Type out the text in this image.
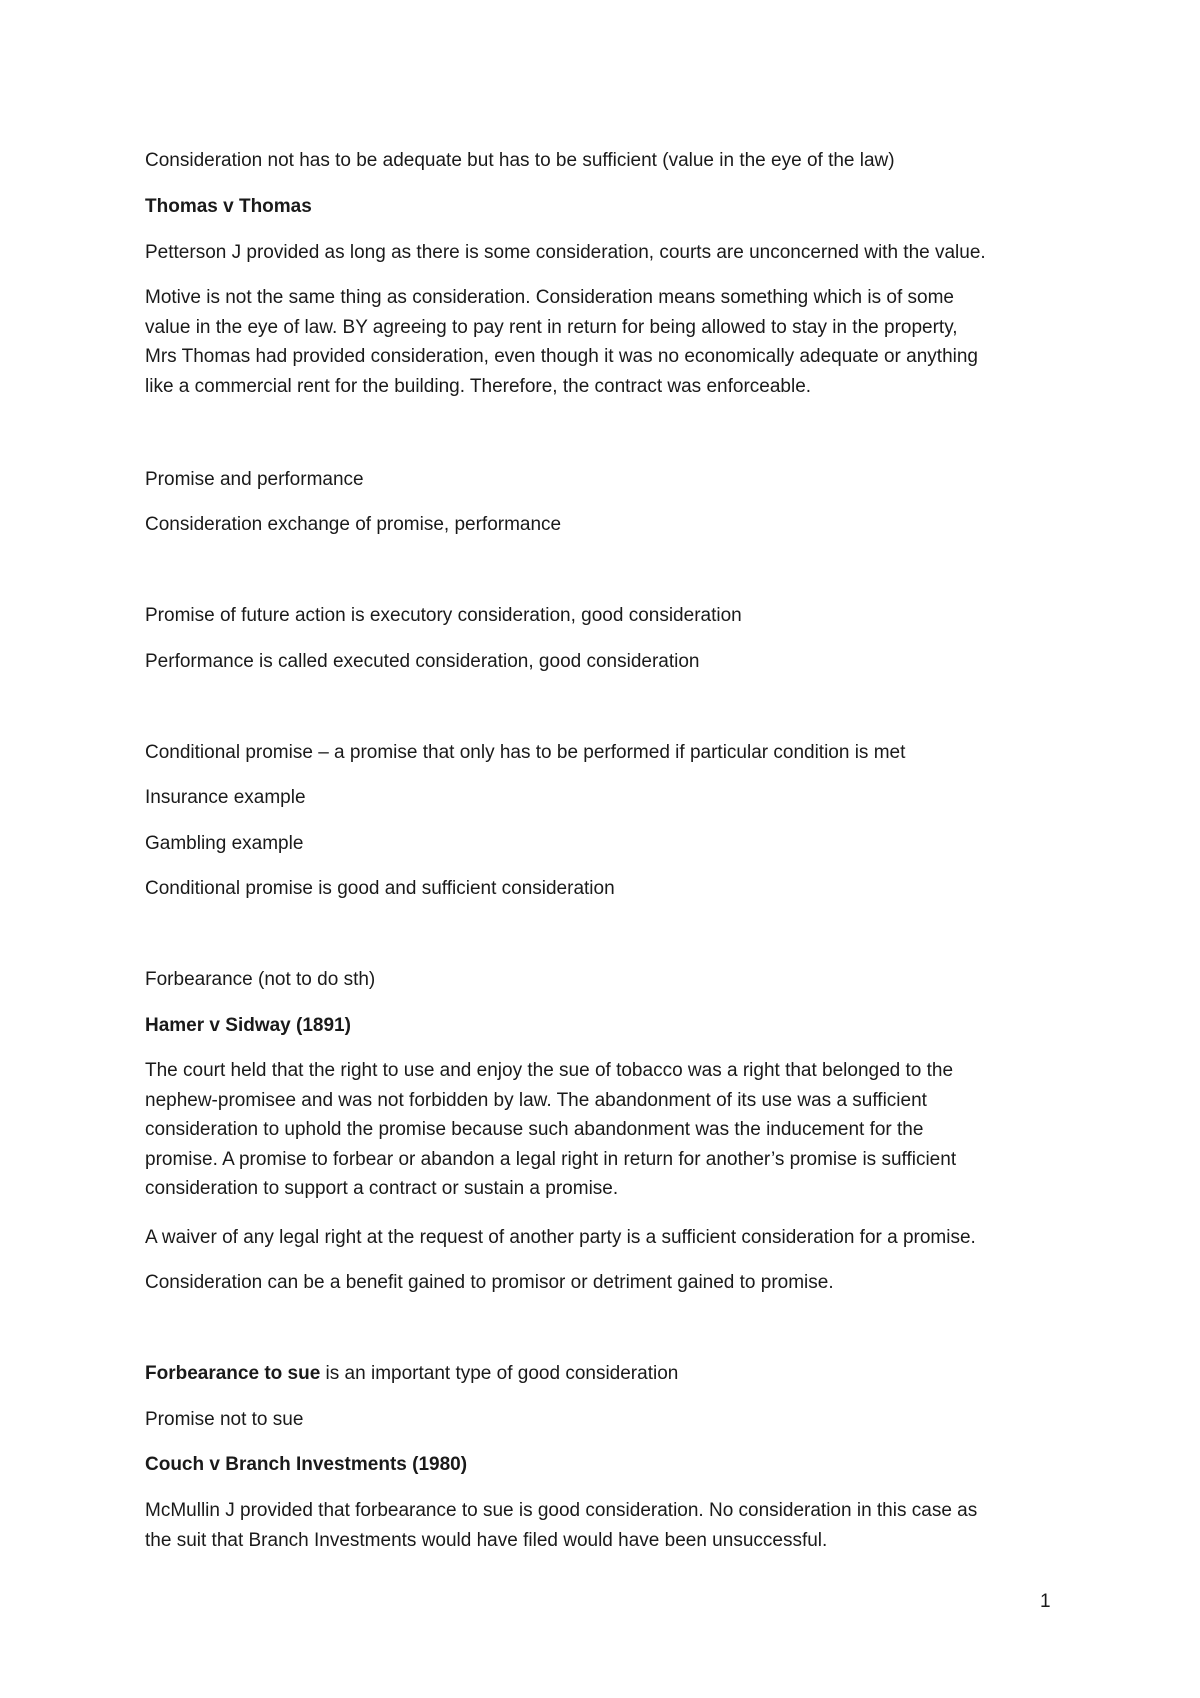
Consideration not has to be adequate but has to be sufficient (value in the eye of the law)
Thomas v Thomas
Petterson J provided as long as there is some consideration, courts are unconcerned with the value.
Motive is not the same thing as consideration. Consideration means something which is of some
value in the eye of law. BY agreeing to pay rent in return for being allowed to stay in the property,
Mrs Thomas had provided consideration, even though it was no economically adequate or anything
like a commercial rent for the building. Therefore, the contract was enforceable.
Promise and performance
Consideration exchange of promise, performance
Promise of future action is executory consideration, good consideration
Performance is called executed consideration, good consideration
Conditional promise – a promise that only has to be performed if particular condition is met
Insurance example
Gambling example
Conditional promise is good and sufficient consideration
Forbearance (not to do sth)
Hamer v Sidway (1891)
The court held that the right to use and enjoy the sue of tobacco was a right that belonged to the
nephew-promisee and was not forbidden by law. The abandonment of its use was a sufficient
consideration to uphold the promise because such abandonment was the inducement for the
promise. A promise to forbear or abandon a legal right in return for another’s promise is sufficient
consideration to support a contract or sustain a promise.
A waiver of any legal right at the request of another party is a sufficient consideration for a promise.
Consideration can be a benefit gained to promisor or detriment gained to promise.
Forbearance to sue is an important type of good consideration
Promise not to sue
Couch v Branch Investments (1980)
McMullin J provided that forbearance to sue is good consideration. No consideration in this case as
the suit that Branch Investments would have filed would have been unsuccessful.
1
